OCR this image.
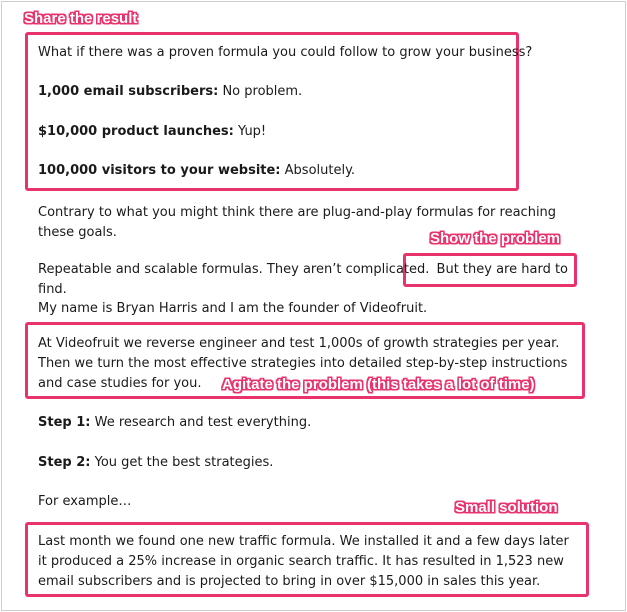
Share the result
Show the problem
Agitate the problem (this takes a lot of time)
Small solution

What if there was a proven formula you could follow to grow your business?

1,000 email subscribers: No problem.

$10,000 product launches: Yup!

100,000 visitors to your website: Absolutely.

Contrary to what you might think there are plug-and-play formulas for reaching these goals.

Repeatable and scalable formulas. They aren’t complicated. But they are hard to find.

My name is Bryan Harris and I am the founder of Videofruit.

At Videofruit we reverse engineer and test 1,000s of growth strategies per year. Then we turn the most effective strategies into detailed step-by-step instructions and case studies for you.

Step 1: We research and test everything.

Step 2: You get the best strategies.

For example…

Last month we found one new traffic formula. We installed it and a few days later it produced a 25% increase in organic search traffic. It has resulted in 1,523 new email subscribers and is projected to bring in over $15,000 in sales this year.
